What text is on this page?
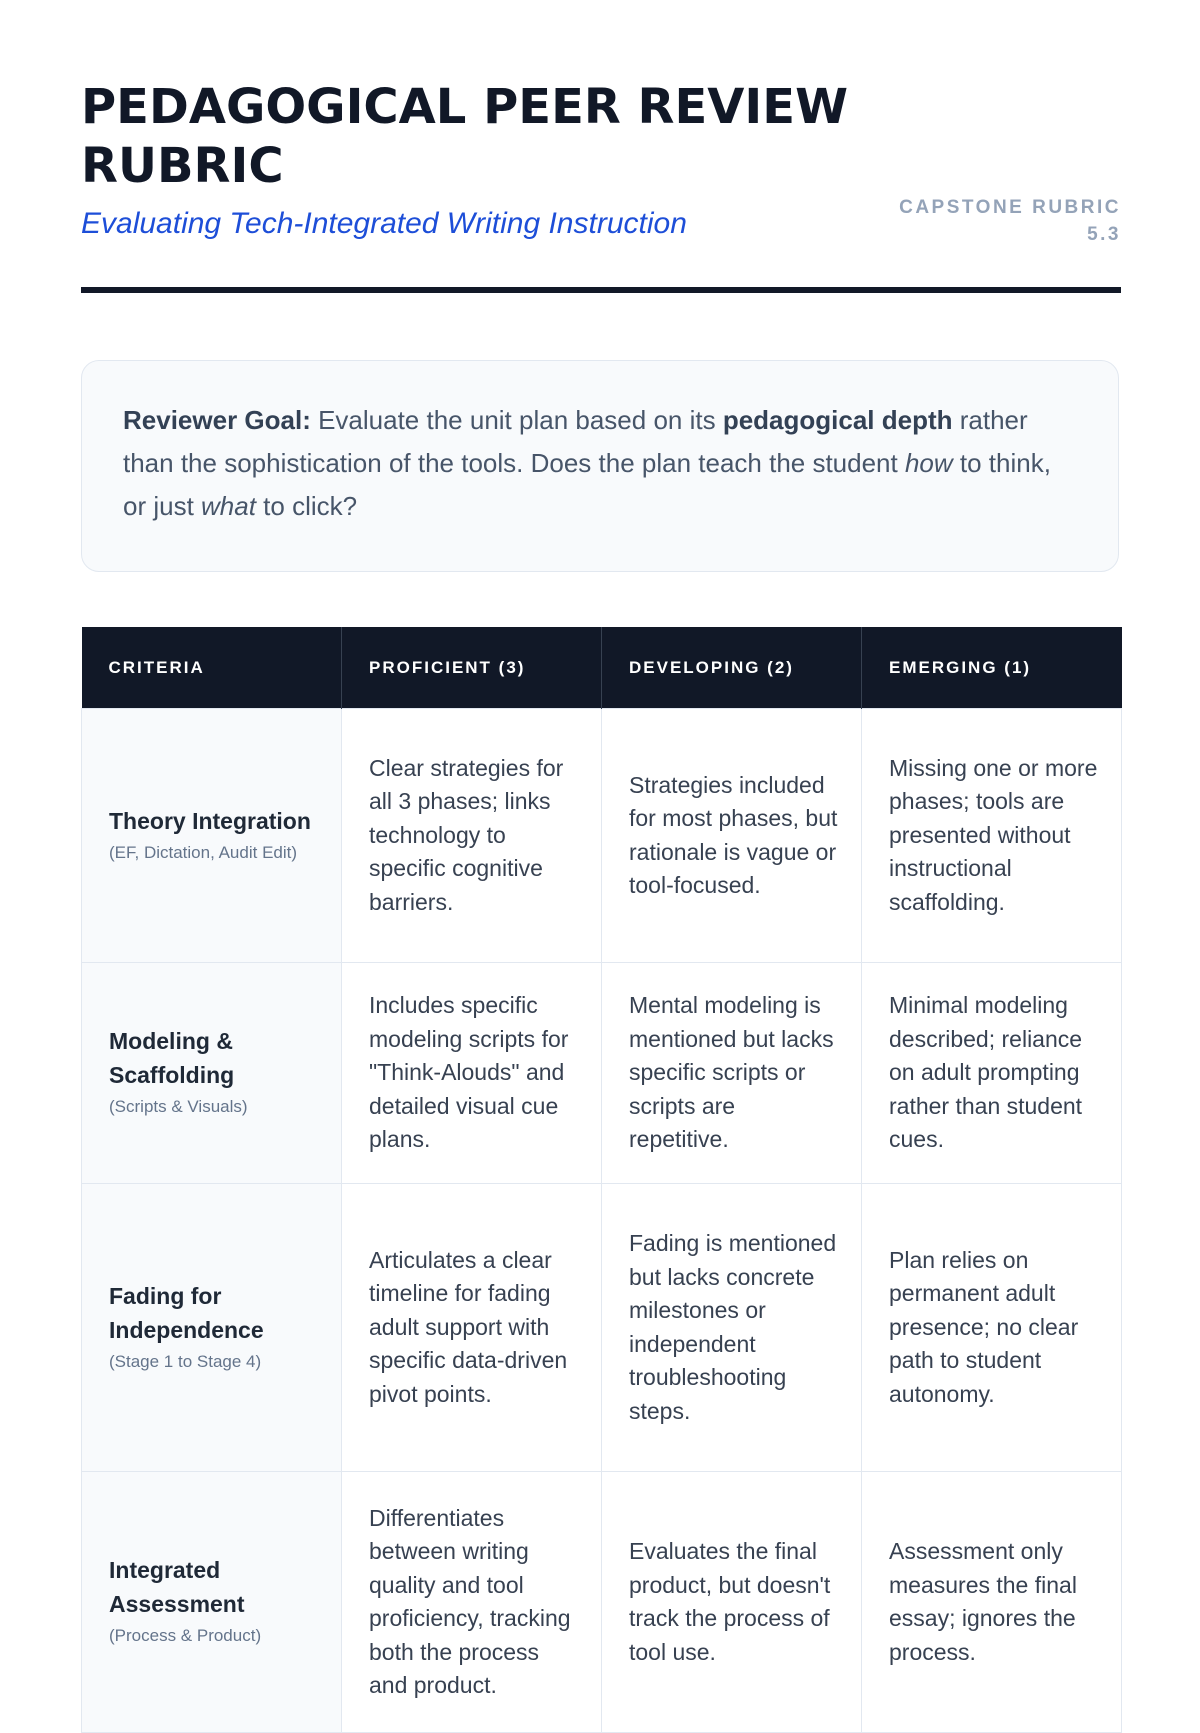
PEDAGOGICAL PEER REVIEW RUBRIC

Evaluating Tech-Integrated Writing Instruction	CAPSTONE RUBRIC 5.3
Reviewer Goal: Evaluate the unit plan based on its pedagogical depth rather than the sophistication of the tools. Does the plan teach the student how to think, or just what to click?
CRITERIA	PROFICIENT (3)	DEVELOPING (2)	EMERGING (1)

Theory Integration
(EF, Dictation, Audit Edit)	Clear strategies for all 3 phases; links technology to specific cognitive barriers.	Strategies included for most phases, but rationale is vague or tool-focused.	Missing one or more phases; tools are presented without instructional scaffolding.

Modeling & Scaffolding
(Scripts & Visuals)	Includes specific modeling scripts for "Think-Alouds" and detailed visual cue plans.	Mental modeling is mentioned but lacks specific scripts or scripts are repetitive.	Minimal modeling described; reliance on adult prompting rather than student cues.

Fading for Independence
(Stage 1 to Stage 4)	Articulates a clear timeline for fading adult support with specific data-driven pivot points.	Fading is mentioned but lacks concrete milestones or independent troubleshooting steps.	Plan relies on permanent adult presence; no clear path to student autonomy.

Integrated Assessment
(Process & Product)	Differentiates between writing quality and tool proficiency, tracking both the process and product.	Evaluates the final product, but doesn't track the process of tool use.	Assessment only measures the final essay; ignores the process.
